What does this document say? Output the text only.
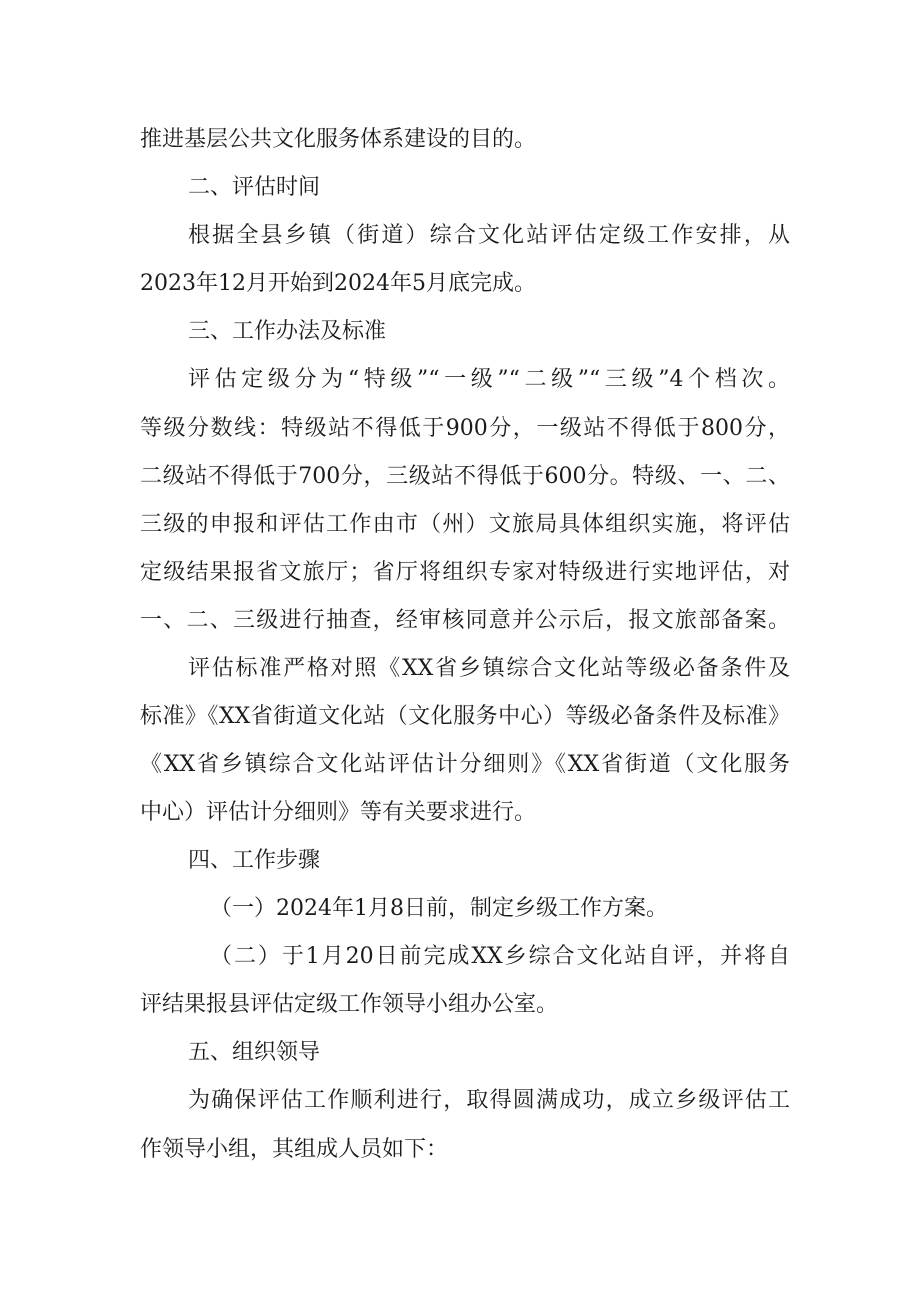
推进基层公共文化服务体系建设的目的。
二、评估时间
根据全县乡镇（街道）综合文化站评估定级工作安排，从
2023年12月开始到2024年5月底完成。
三、工作办法及标准
评估定级分为“特级”“一级”“二级”“三级”4个档次。
等级分数线：特级站不得低于900分，一级站不得低于800分，
二级站不得低于700分，三级站不得低于600分。特级、一、二、
三级的申报和评估工作由市（州）文旅局具体组织实施，将评估
定级结果报省文旅厅；省厅将组织专家对特级进行实地评估，对
一、二、三级进行抽查，经审核同意并公示后，报文旅部备案。
评估标准严格对照《XX省乡镇综合文化站等级必备条件及
标准》《XX省街道文化站（文化服务中心）等级必备条件及标准》
《XX省乡镇综合文化站评估计分细则》《XX省街道（文化服务
中心）评估计分细则》等有关要求进行。
四、工作步骤
（一）2024年1月8日前，制定乡级工作方案。
（二）于1月20日前完成XX乡综合文化站自评，并将自
评结果报县评估定级工作领导小组办公室。
五、组织领导
为确保评估工作顺利进行，取得圆满成功，成立乡级评估工
作领导小组，其组成人员如下：
